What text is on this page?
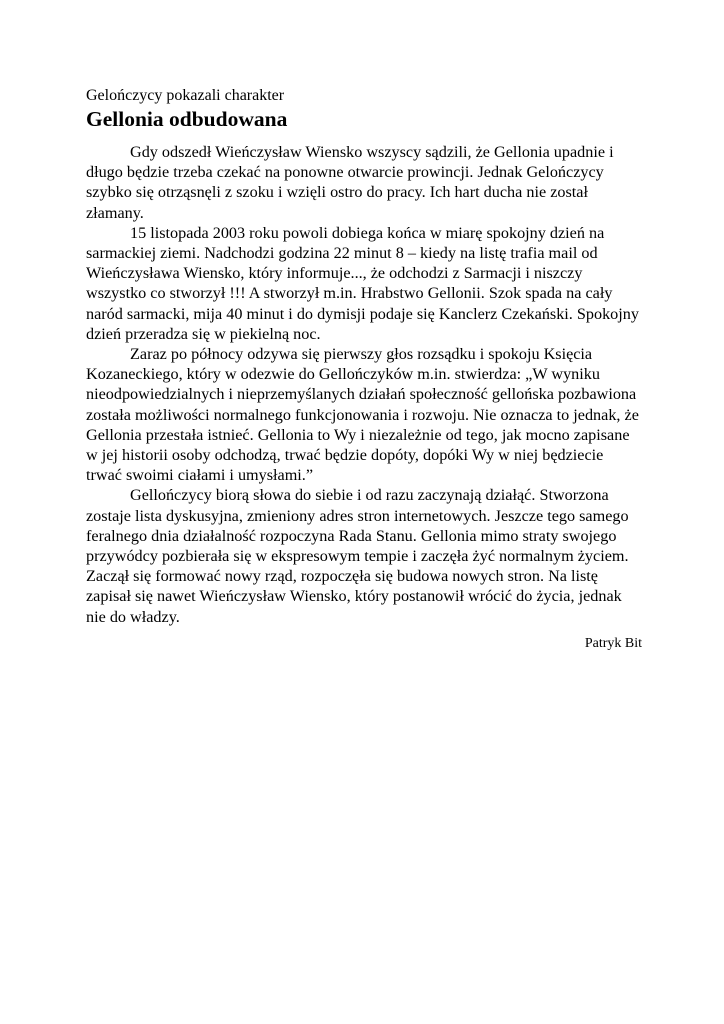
Gelończycy pokazali charakter

Gellonia odbudowana

Gdy odszedł Wieńczysław Wiensko wszyscy sądzili, że Gellonia upadnie i długo będzie trzeba czekać na ponowne otwarcie prowincji. Jednak Gelończycy szybko się otrząsnęli z szoku i wzięli ostro do pracy. Ich hart ducha nie został złamany.

15 listopada 2003 roku powoli dobiega końca w miarę spokojny dzień na sarmackiej ziemi. Nadchodzi godzina 22 minut 8 – kiedy na listę trafia mail od Wieńczysława Wiensko, który informuje..., że odchodzi z Sarmacji i niszczy wszystko co stworzył !!! A stworzył m.in. Hrabstwo Gellonii. Szok spada na cały naród sarmacki, mija 40 minut i do dymisji podaje się Kanclerz Czekański. Spokojny dzień przeradza się w piekielną noc.

Zaraz po północy odzywa się pierwszy głos rozsądku i spokoju Księcia Kozaneckiego, który w odezwie do Gellończyków m.in. stwierdza: „W wyniku nieodpowiedzialnych i nieprzemyślanych działań społeczność gellońska pozbawiona została możliwości normalnego funkcjonowania i rozwoju. Nie oznacza to jednak, że Gellonia przestała istnieć. Gellonia to Wy i niezależnie od tego, jak mocno zapisane w jej historii osoby odchodzą, trwać będzie dopóty, dopóki Wy w niej będziecie trwać swoimi ciałami i umysłami.”

Gellończycy biorą słowa do siebie i od razu zaczynają działąć. Stworzona zostaje lista dyskusyjna, zmieniony adres stron internetowych. Jeszcze tego samego feralnego dnia działalność rozpoczyna Rada Stanu. Gellonia mimo straty swojego przywódcy pozbierała się w ekspresowym tempie i zaczęła żyć normalnym życiem. Zaczął się formować nowy rząd, rozpoczęła się budowa nowych stron. Na listę zapisał się nawet Wieńczysław Wiensko, który postanowił wrócić do życia, jednak nie do władzy.

Patryk Bit
